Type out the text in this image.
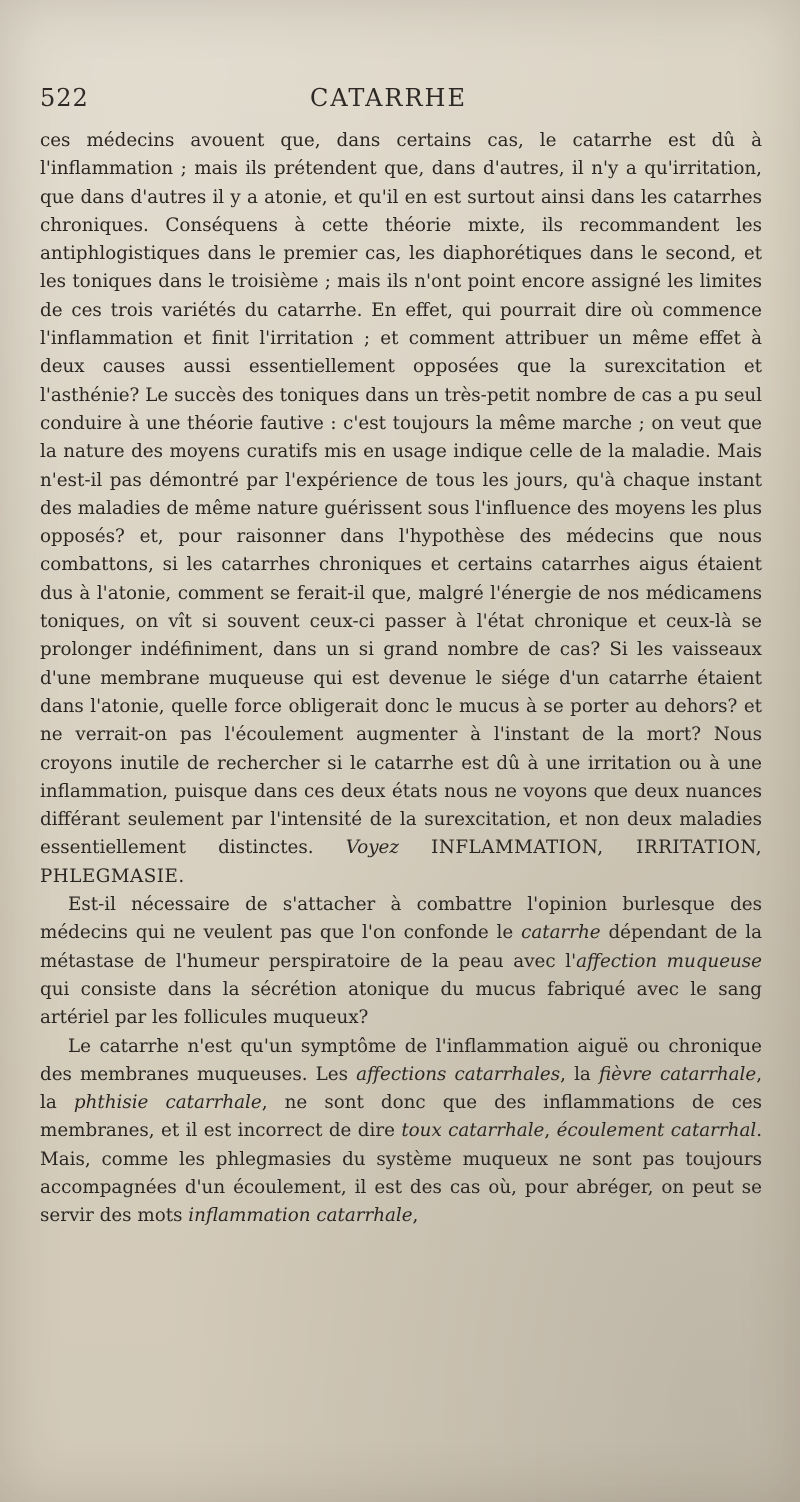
522	CATARRHE

ces médecins avouent que, dans certains cas, le catarrhe est dû à l'inflammation ; mais ils prétendent que, dans d'autres, il n'y a qu'irritation, que dans d'autres il y a atonie, et qu'il en est surtout ainsi dans les catarrhes chroniques. Conséquens à cette théorie mixte, ils recommandent les antiphlogistiques dans le premier cas, les diaphorétiques dans le second, et les toniques dans le troisième ; mais ils n'ont point encore assigné les limites de ces trois variétés du catarrhe. En effet, qui pourrait dire où commence l'inflammation et finit l'irritation ; et comment attribuer un même effet à deux causes aussi essentiellement opposées que la surexcitation et l'asthénie? Le succès des toniques dans un très-petit nombre de cas a pu seul conduire à une théorie fautive : c'est toujours la même marche ; on veut que la nature des moyens curatifs mis en usage indique celle de la maladie. Mais n'est-il pas démontré par l'expérience de tous les jours, qu'à chaque instant des maladies de même nature guérissent sous l'influence des moyens les plus opposés? et, pour raisonner dans l'hypothèse des médecins que nous combattons, si les catarrhes chroniques et certains catarrhes aigus étaient dus à l'atonie, comment se ferait-il que, malgré l'énergie de nos médicamens toniques, on vît si souvent ceux-ci passer à l'état chronique et ceux-là se prolonger indéfiniment, dans un si grand nombre de cas? Si les vaisseaux d'une membrane muqueuse qui est devenue le siége d'un catarrhe étaient dans l'atonie, quelle force obligerait donc le mucus à se porter au dehors? et ne verrait-on pas l'écoulement augmenter à l'instant de la mort? Nous croyons inutile de rechercher si le catarrhe est dû à une irritation ou à une inflammation, puisque dans ces deux états nous ne voyons que deux nuances différant seulement par l'intensité de la surexcitation, et non deux maladies essentiellement distinctes. Voyez INFLAMMATION, IRRITATION, PHLEGMASIE.

Est-il nécessaire de s'attacher à combattre l'opinion burlesque des médecins qui ne veulent pas que l'on confonde le catarrhe dépendant de la métastase de l'humeur perspiratoire de la peau avec l'affection muqueuse qui consiste dans la sécrétion atonique du mucus fabriqué avec le sang artériel par les follicules muqueux?

Le catarrhe n'est qu'un symptôme de l'inflammation aiguë ou chronique des membranes muqueuses. Les affections catarrhales, la fièvre catarrhale, la phthisie catarrhale, ne sont donc que des inflammations de ces membranes, et il est incorrect de dire toux catarrhale, écoulement catarrhal. Mais, comme les phlegmasies du système muqueux ne sont pas toujours accompagnées d'un écoulement, il est des cas où, pour abréger, on peut se servir des mots inflammation catarrhale,
